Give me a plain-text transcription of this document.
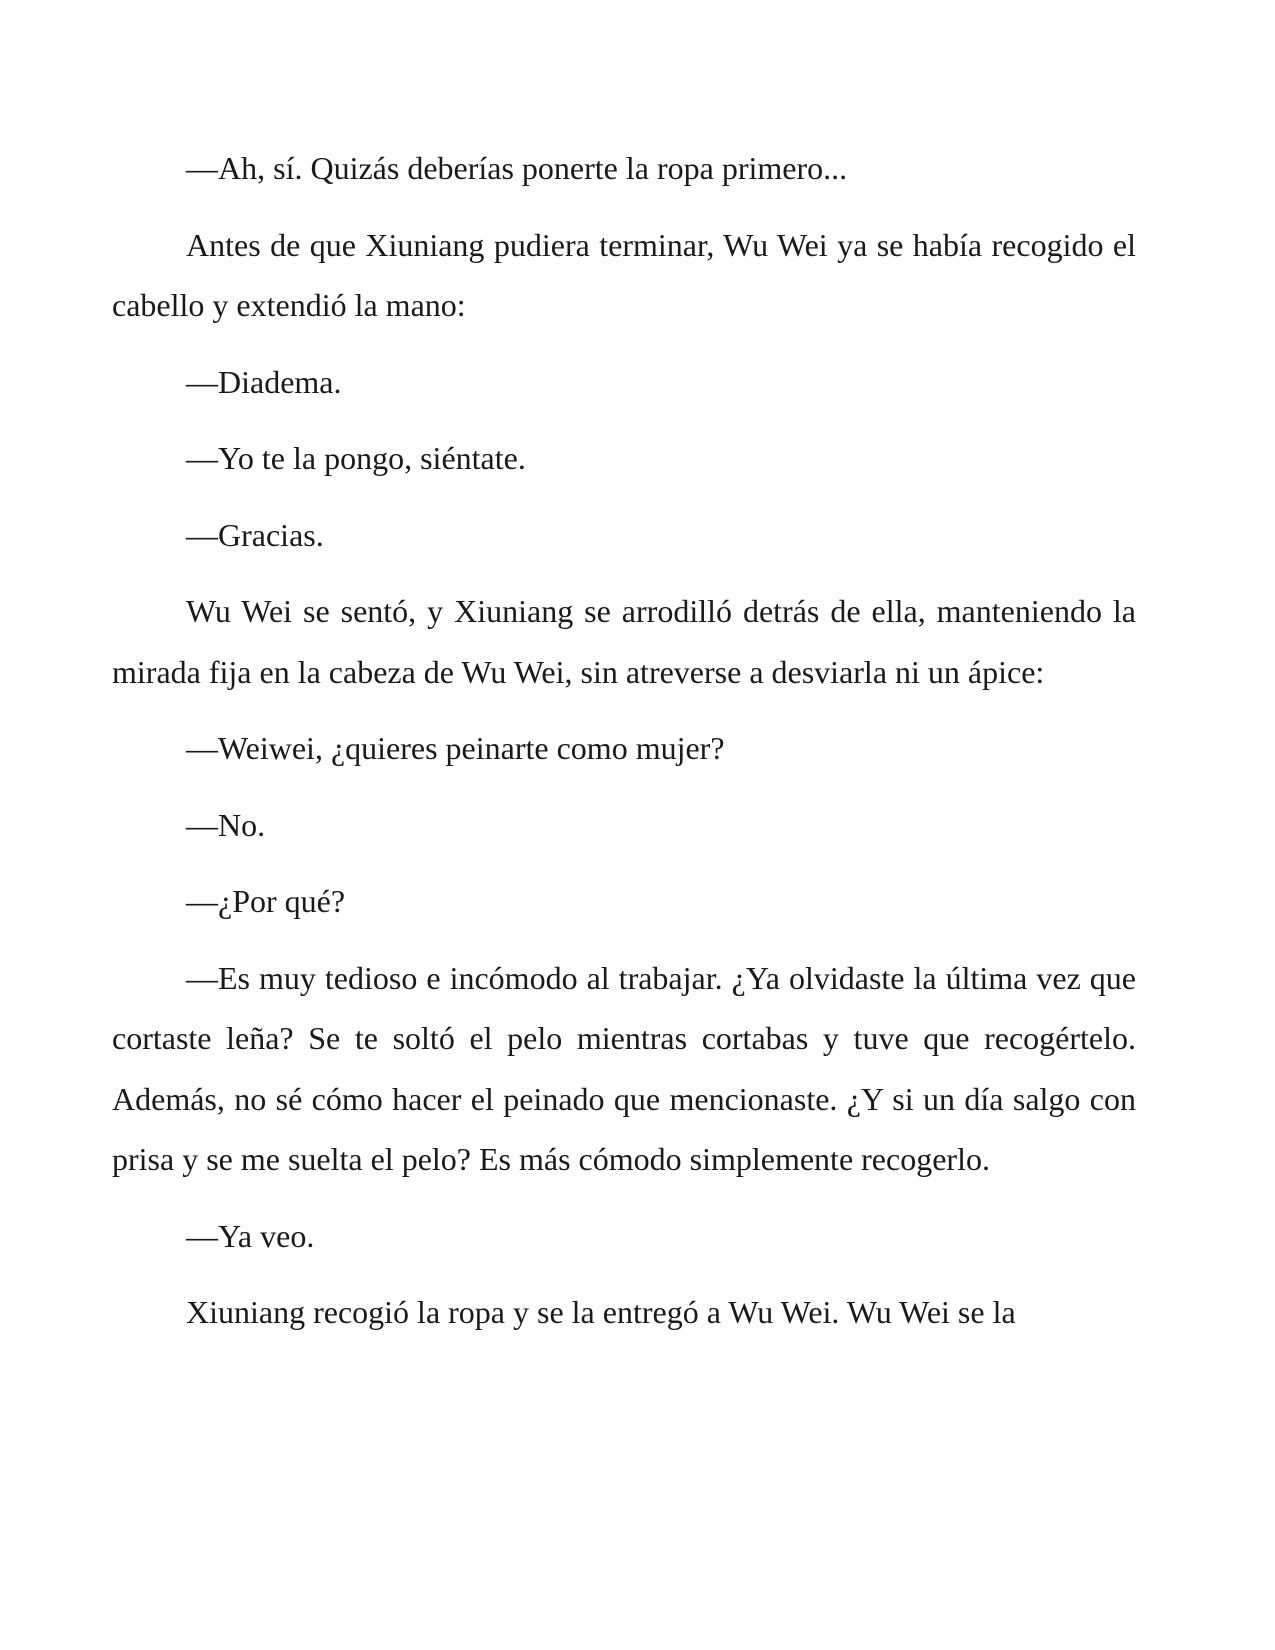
—Ah, sí. Quizás deberías ponerte la ropa primero...

Antes de que Xiuniang pudiera terminar, Wu Wei ya se había recogido el cabello y extendió la mano:

—Diadema.

—Yo te la pongo, siéntate.

—Gracias.

Wu Wei se sentó, y Xiuniang se arrodilló detrás de ella, manteniendo la mirada fija en la cabeza de Wu Wei, sin atreverse a desviarla ni un ápice:

—Weiwei, ¿quieres peinarte como mujer?

—No.

—¿Por qué?

—Es muy tedioso e incómodo al trabajar. ¿Ya olvidaste la última vez que cortaste leña? Se te soltó el pelo mientras cortabas y tuve que recogértelo. Además, no sé cómo hacer el peinado que mencionaste. ¿Y si un día salgo con prisa y se me suelta el pelo? Es más cómodo simplemente recogerlo.

—Ya veo.

Xiuniang recogió la ropa y se la entregó a Wu Wei. Wu Wei se la
